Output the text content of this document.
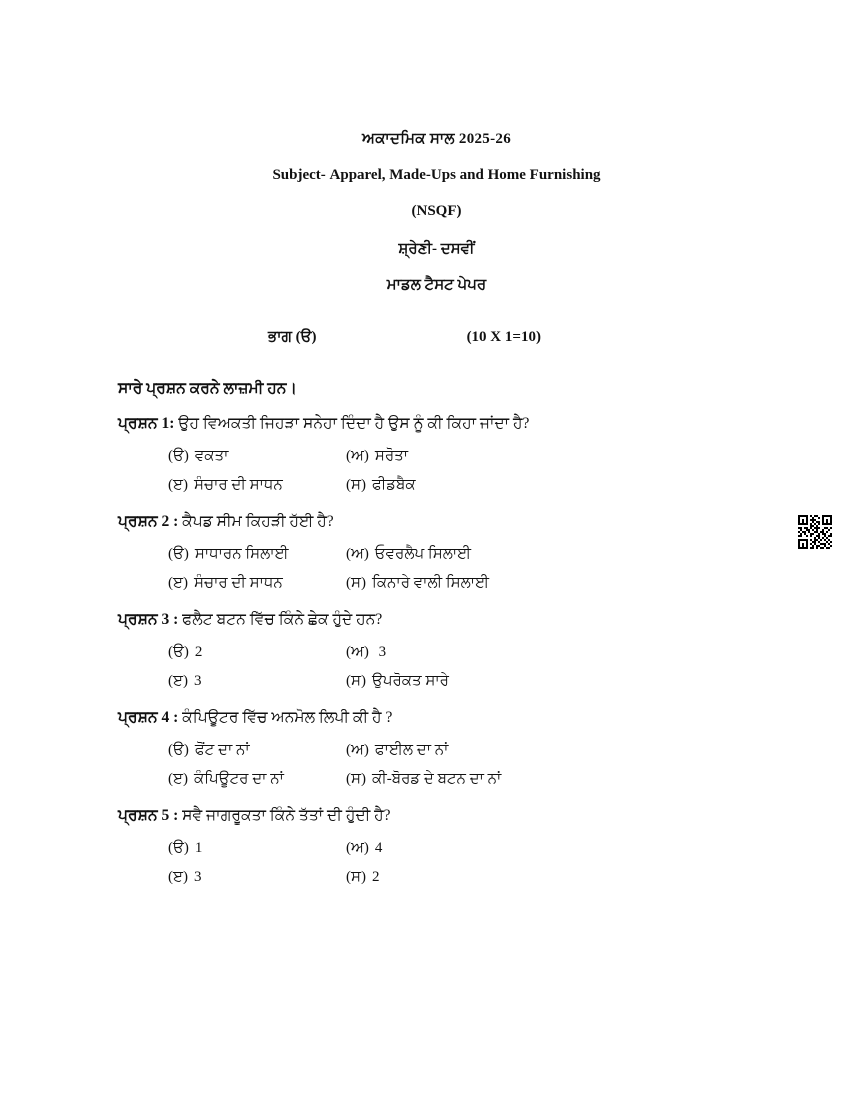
ਅਕਾਦਮਿਕ ਸਾਲ 2025-26
Subject- Apparel, Made-Ups and Home Furnishing
(NSQF)
ਸ਼੍ਰੇਣੀ- ਦਸਵੀਂ
ਮਾਡਲ ਟੈਸਟ ਪੇਪਰ
ਭਾਗ (ੳ)	(10 X 1=10)
ਸਾਰੇ ਪ੍ਰਸ਼ਨ ਕਰਨੇ ਲਾਜ਼ਮੀ ਹਨ।
ਪ੍ਰਸ਼ਨ 1: ਉਹ ਵਿਅਕਤੀ ਜਿਹੜਾ ਸਨੇਹਾ ਦਿੰਦਾ ਹੈ ਉਸ ਨੂੰ ਕੀ ਕਿਹਾ ਜਾਂਦਾ ਹੈ?
(ੳ) ਵਕਤਾ	(ਅ) ਸਰੋਤਾ
(ੲ) ਸੰਚਾਰ ਦੀ ਸਾਧਨ	(ਸ) ਫੀਡਬੈਕ
ਪ੍ਰਸ਼ਨ 2 : ਕੈਪਡ ਸੀਮ ਕਿਹੜੀ ਹੱਈ ਹੈ?
(ੳ) ਸਾਧਾਰਨ ਸਿਲਾਈ	(ਅ) ਓਵਰਲੈਪ ਸਿਲਾਈ
(ੲ) ਸੰਚਾਰ ਦੀ ਸਾਧਨ	(ਸ) ਕਿਨਾਰੇ ਵਾਲੀ ਸਿਲਾਈ
ਪ੍ਰਸ਼ਨ 3 : ਫਲੈਟ ਬਟਨ ਵਿੱਚ ਕਿੰਨੇ ਛੇਕ ਹੁੰਦੇ ਹਨ?
(ੳ) 2	(ਅ) 3
(ੲ) 3	(ਸ) ਉਪਰੋਕਤ ਸਾਰੇ
ਪ੍ਰਸ਼ਨ 4 : ਕੰਪਿਊਟਰ ਵਿੱਚ ਅਨਮੋਲ ਲਿਪੀ ਕੀ ਹੈ ?
(ੳ) ਫੋਂਟ ਦਾ ਨਾਂ	(ਅ) ਫਾਈਲ ਦਾ ਨਾਂ
(ੲ) ਕੰਪਿਊਟਰ ਦਾ ਨਾਂ	(ਸ) ਕੀ-ਬੋਰਡ ਦੇ ਬਟਨ ਦਾ ਨਾਂ
ਪ੍ਰਸ਼ਨ 5 : ਸਵੈ ਜਾਗਰੂਕਤਾ ਕਿੰਨੇ ਤੱਤਾਂ ਦੀ ਹੁੰਦੀ ਹੈ?
(ੳ) 1	(ਅ) 4
(ੲ) 3	(ਸ) 2
